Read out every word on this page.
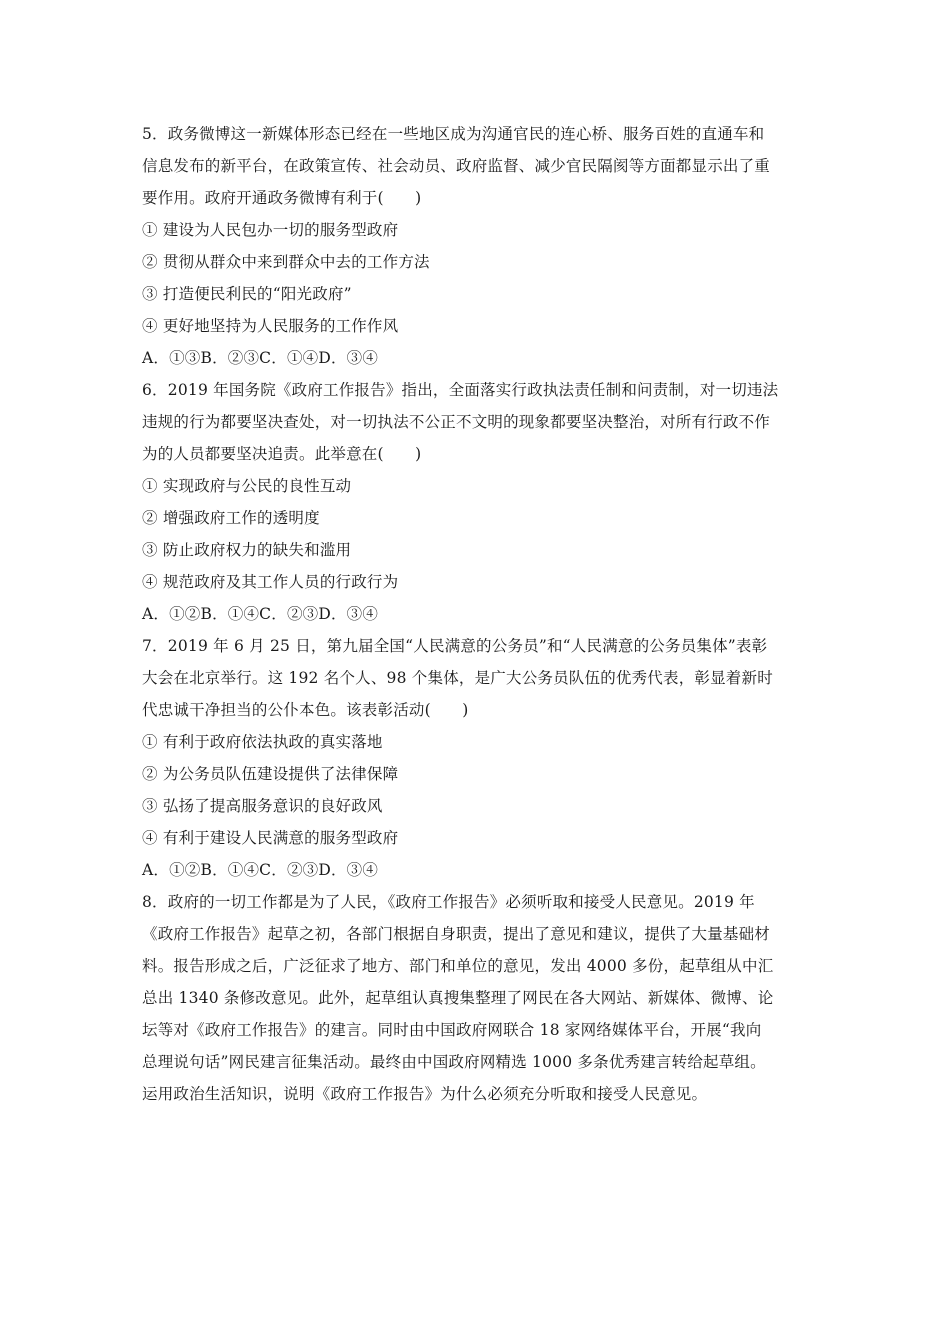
5．政务微博这一新媒体形态已经在一些地区成为沟通官民的连心桥、服务百姓的直通车和
信息发布的新平台，在政策宣传、社会动员、政府监督、减少官民隔阂等方面都显示出了重
要作用。政府开通政务微博有利于(　　)
① 建设为人民包办一切的服务型政府
② 贯彻从群众中来到群众中去的工作方法
③ 打造便民利民的“阳光政府”
④ 更好地坚持为人民服务的工作作风
A．①③B．②③C．①④D．③④
6．2019 年国务院《政府工作报告》指出，全面落实行政执法责任制和问责制，对一切违法
违规的行为都要坚决查处，对一切执法不公正不文明的现象都要坚决整治，对所有行政不作
为的人员都要坚决追责。此举意在(　　)
① 实现政府与公民的良性互动
② 增强政府工作的透明度
③ 防止政府权力的缺失和滥用
④ 规范政府及其工作人员的行政行为
A．①②B．①④C．②③D．③④
7．2019 年 6 月 25 日，第九届全国“人民满意的公务员”和“人民满意的公务员集体”表彰
大会在北京举行。这 192 名个人、98 个集体，是广大公务员队伍的优秀代表，彰显着新时
代忠诚干净担当的公仆本色。该表彰活动(　　)
① 有利于政府依法执政的真实落地
② 为公务员队伍建设提供了法律保障
③ 弘扬了提高服务意识的良好政风
④ 有利于建设人民满意的服务型政府
A．①②B．①④C．②③D．③④
8．政府的一切工作都是为了人民，《政府工作报告》必须听取和接受人民意见。2019 年
《政府工作报告》起草之初，各部门根据自身职责，提出了意见和建议，提供了大量基础材
料。报告形成之后，广泛征求了地方、部门和单位的意见，发出 4000 多份，起草组从中汇
总出 1340 条修改意见。此外，起草组认真搜集整理了网民在各大网站、新媒体、微博、论
坛等对《政府工作报告》的建言。同时由中国政府网联合 18 家网络媒体平台，开展“我向
总理说句话”网民建言征集活动。最终由中国政府网精选 1000 多条优秀建言转给起草组。
运用政治生活知识，说明《政府工作报告》为什么必须充分听取和接受人民意见。
